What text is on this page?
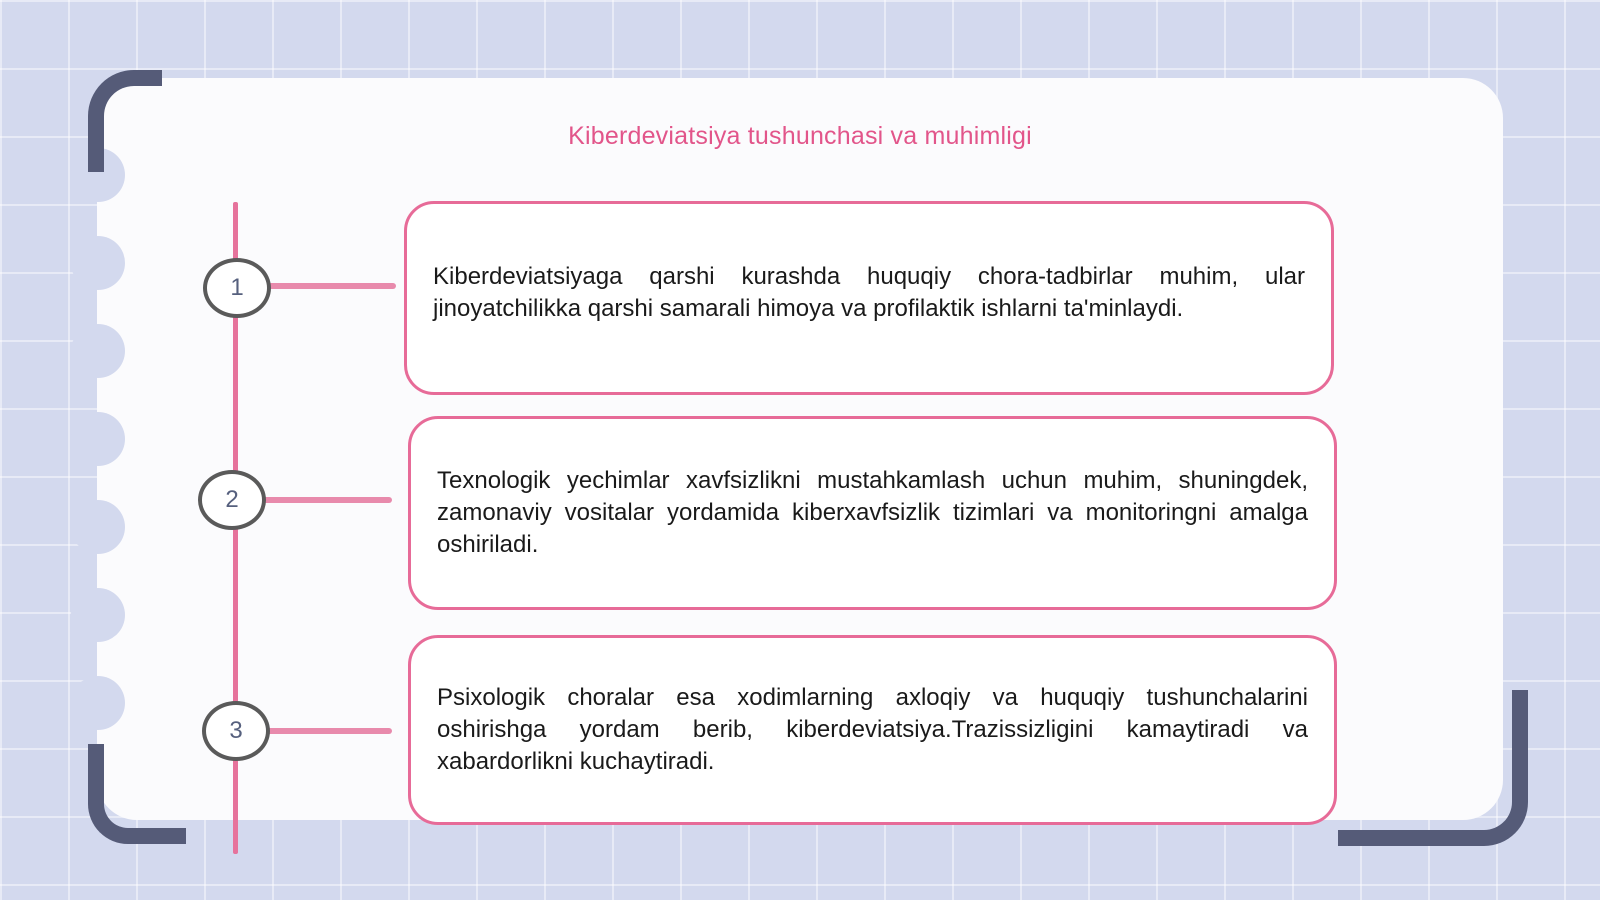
Kiberdeviatsiya tushunchasi va muhimligi
1
2
3

Kiberdeviatsiyaga qarshi kurashda huquqiy chora-tadbirlar muhim, ular jinoyatchilikka qarshi samarali himoya va profilaktik ishlarni ta'minlaydi.

Texnologik yechimlar xavfsizlikni mustahkamlash uchun muhim, shuningdek, zamonaviy vositalar yordamida kiberxavfsizlik tizimlari va monitoringni amalga oshiriladi.

Psixologik choralar esa xodimlarning axloqiy va huquqiy tushunchalarini oshirishga yordam berib, kiberdeviatsiya.Trazissizligini kamaytiradi va xabardorlikni kuchaytiradi.
